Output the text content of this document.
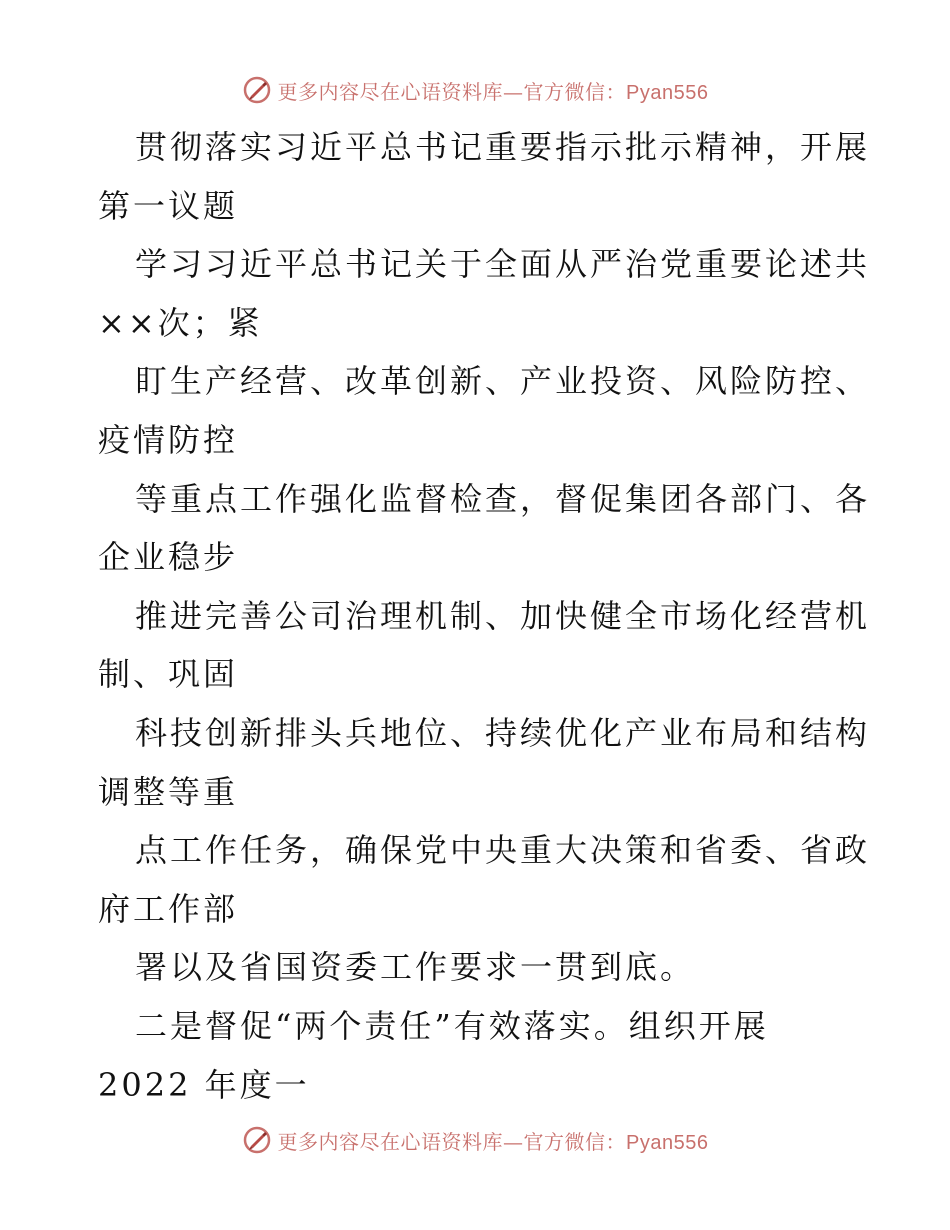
更多内容尽在心语资料库—官方微信：Pyan556
贯彻落实习近平总书记重要指示批示精神，开展
第一议题
学习习近平总书记关于全面从严治党重要论述共
××次；紧
盯生产经营、改革创新、产业投资、风险防控、
疫情防控
等重点工作强化监督检查，督促集团各部门、各
企业稳步
推进完善公司治理机制、加快健全市场化经营机
制、巩固
科技创新排头兵地位、持续优化产业布局和结构
调整等重
点工作任务，确保党中央重大决策和省委、省政
府工作部
署以及省国资委工作要求一贯到底。
二是督促“两个责任”有效落实。组织开展
2022 年度一
更多内容尽在心语资料库—官方微信：Pyan556
